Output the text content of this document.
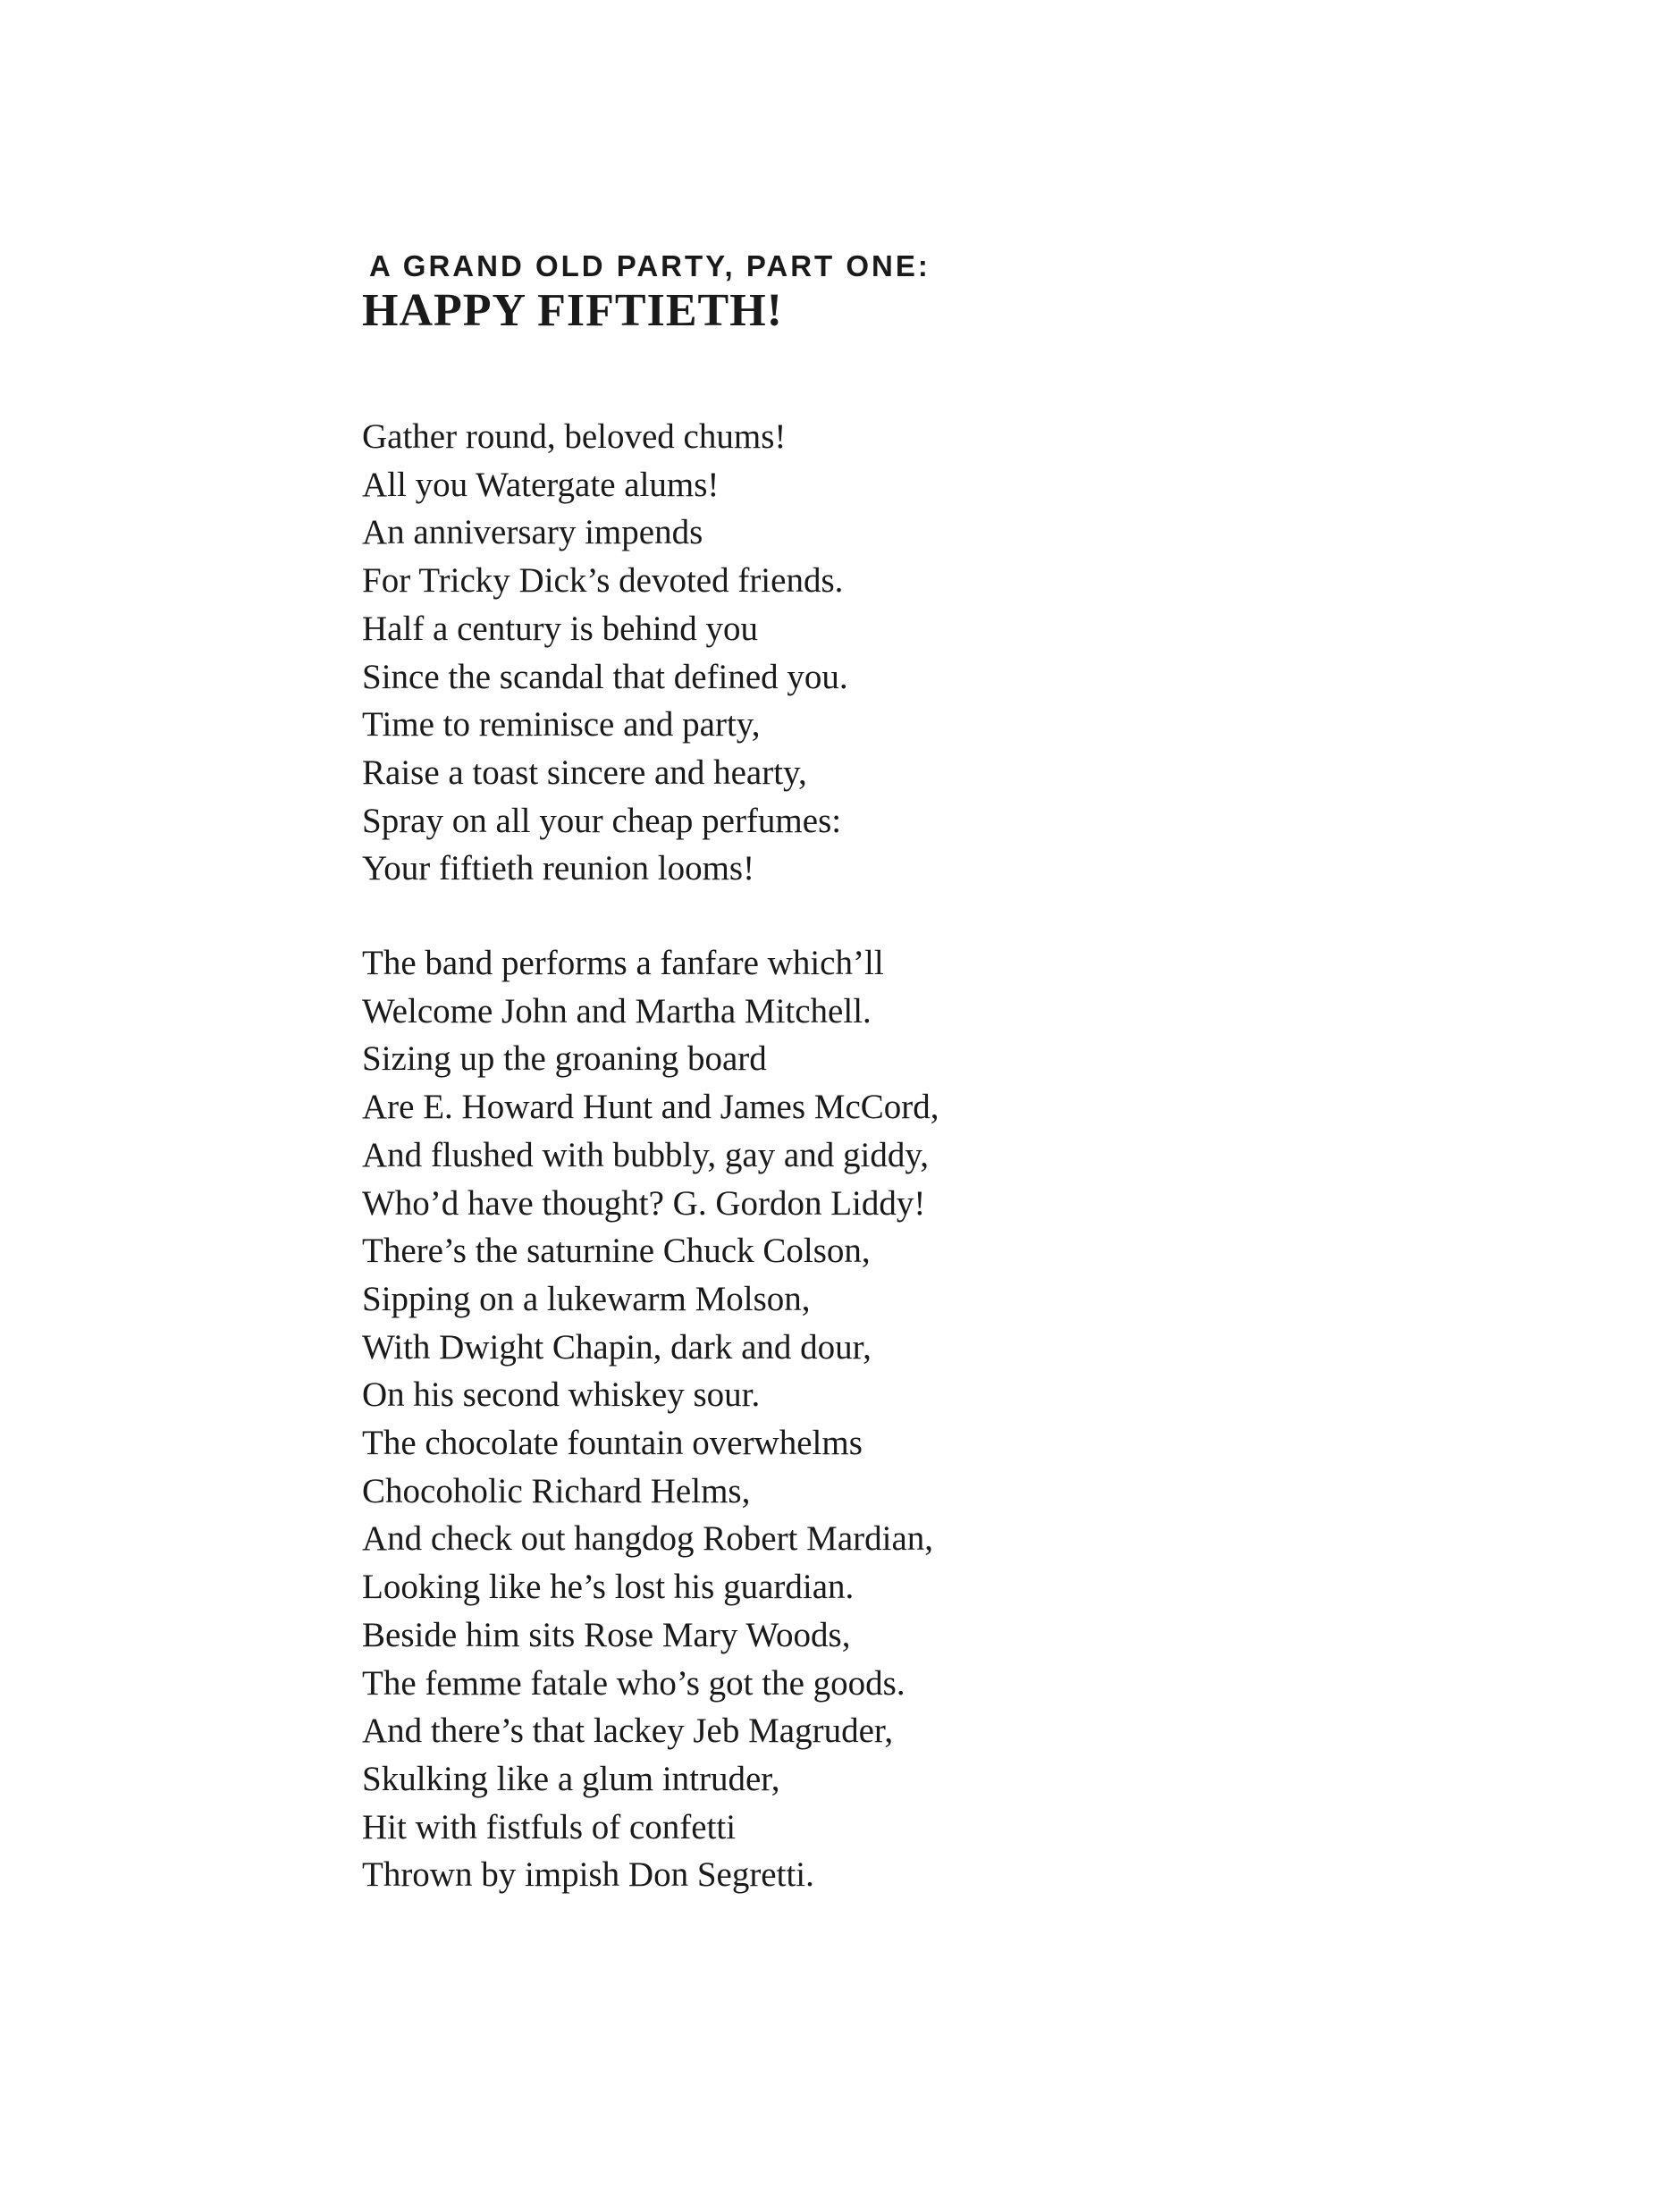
A GRAND OLD PARTY, PART ONE:
HAPPY FIFTIETH!
Gather round, beloved chums!
All you Watergate alums!
An anniversary impends
For Tricky Dick’s devoted friends.
Half a century is behind you
Since the scandal that defined you.
Time to reminisce and party,
Raise a toast sincere and hearty,
Spray on all your cheap perfumes:
Your fiftieth reunion looms!
The band performs a fanfare which’ll
Welcome John and Martha Mitchell.
Sizing up the groaning board
Are E. Howard Hunt and James McCord,
And flushed with bubbly, gay and giddy,
Who’d have thought? G. Gordon Liddy!
There’s the saturnine Chuck Colson,
Sipping on a lukewarm Molson,
With Dwight Chapin, dark and dour,
On his second whiskey sour.
The chocolate fountain overwhelms
Chocoholic Richard Helms,
And check out hangdog Robert Mardian,
Looking like he’s lost his guardian.
Beside him sits Rose Mary Woods,
The femme fatale who’s got the goods.
And there’s that lackey Jeb Magruder,
Skulking like a glum intruder,
Hit with fistfuls of confetti
Thrown by impish Don Segretti.
